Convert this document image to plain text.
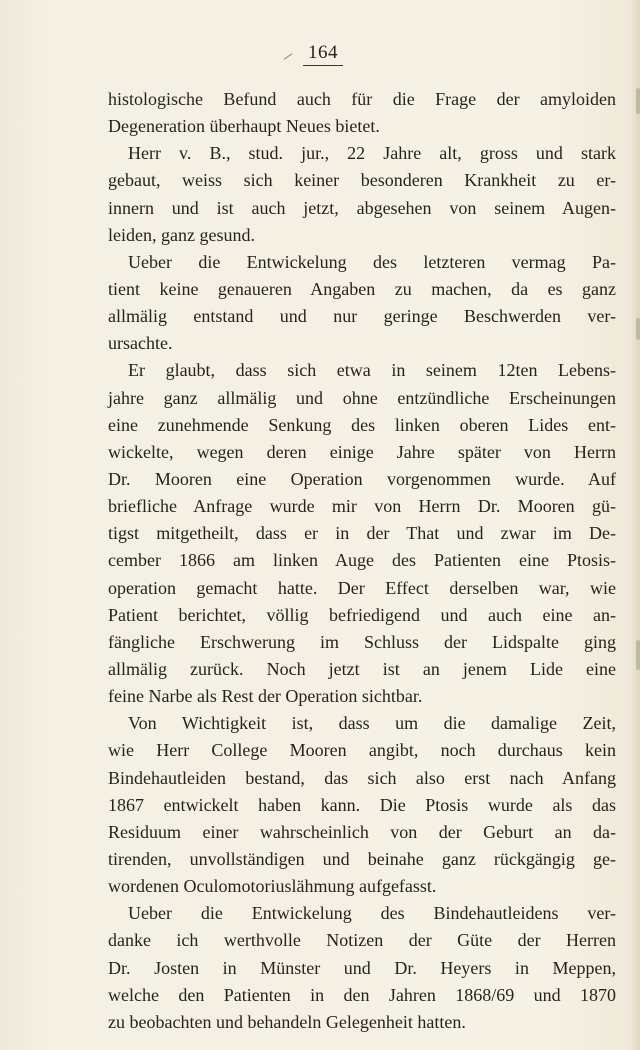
164
histologische Befund auch für die Frage der amyloiden
Degeneration überhaupt Neues bietet.
Herr v. B., stud. jur., 22 Jahre alt, gross und stark
gebaut, weiss sich keiner besonderen Krankheit zu er-
innern und ist auch jetzt, abgesehen von seinem Augen-
leiden, ganz gesund.
Ueber die Entwickelung des letzteren vermag Pa-
tient keine genaueren Angaben zu machen, da es ganz
allmälig entstand und nur geringe Beschwerden ver-
ursachte.
Er glaubt, dass sich etwa in seinem 12ten Lebens-
jahre ganz allmälig und ohne entzündliche Erscheinungen
eine zunehmende Senkung des linken oberen Lides ent-
wickelte, wegen deren einige Jahre später von Herrn
Dr. Mooren eine Operation vorgenommen wurde. Auf
briefliche Anfrage wurde mir von Herrn Dr. Mooren gü-
tigst mitgetheilt, dass er in der That und zwar im De-
cember 1866 am linken Auge des Patienten eine Ptosis-
operation gemacht hatte. Der Effect derselben war, wie
Patient berichtet, völlig befriedigend und auch eine an-
fängliche Erschwerung im Schluss der Lidspalte ging
allmälig zurück. Noch jetzt ist an jenem Lide eine
feine Narbe als Rest der Operation sichtbar.
Von Wichtigkeit ist, dass um die damalige Zeit,
wie Herr College Mooren angibt, noch durchaus kein
Bindehautleiden bestand, das sich also erst nach Anfang
1867 entwickelt haben kann. Die Ptosis wurde als das
Residuum einer wahrscheinlich von der Geburt an da-
tirenden, unvollständigen und beinahe ganz rückgängig ge-
wordenen Oculomotoriuslähmung aufgefasst.
Ueber die Entwickelung des Bindehautleidens ver-
danke ich werthvolle Notizen der Güte der Herren
Dr. Josten in Münster und Dr. Heyers in Meppen,
welche den Patienten in den Jahren 1868/69 und 1870
zu beobachten und behandeln Gelegenheit hatten.
